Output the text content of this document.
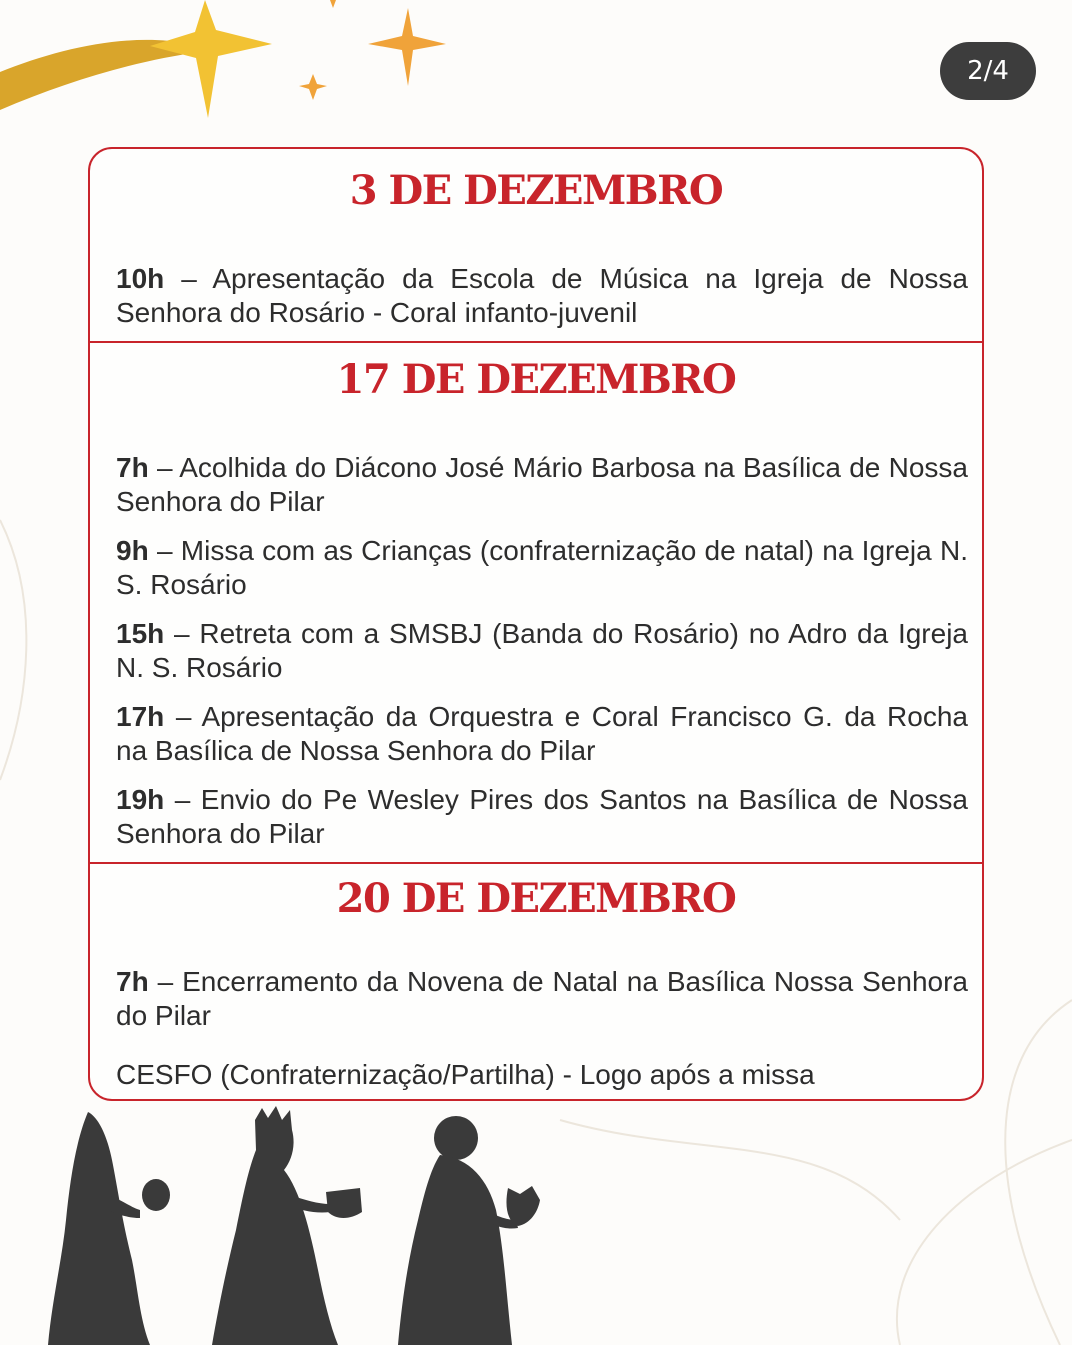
2/4
3 DE DEZEMBRO
10h – Apresentação da Escola de Música na Igreja de Nossa Senhora do Rosário - Coral infanto-juvenil
17 DE DEZEMBRO
7h – Acolhida do Diácono José Mário Barbosa na Basílica de Nossa Senhora do Pilar
9h – Missa com as Crianças (confraternização de natal) na Igreja N. S. Rosário
15h – Retreta com a SMSBJ (Banda do Rosário) no Adro da Igreja N. S. Rosário
17h – Apresentação da Orquestra e Coral Francisco G. da Rocha na Basílica de Nossa Senhora do Pilar
19h – Envio do Pe Wesley Pires dos Santos na Basílica de Nossa Senhora do Pilar
20 DE DEZEMBRO
7h – Encerramento da Novena de Natal na Basílica Nossa Senhora do Pilar
CESFO (Confraternização/Partilha) - Logo após a missa
